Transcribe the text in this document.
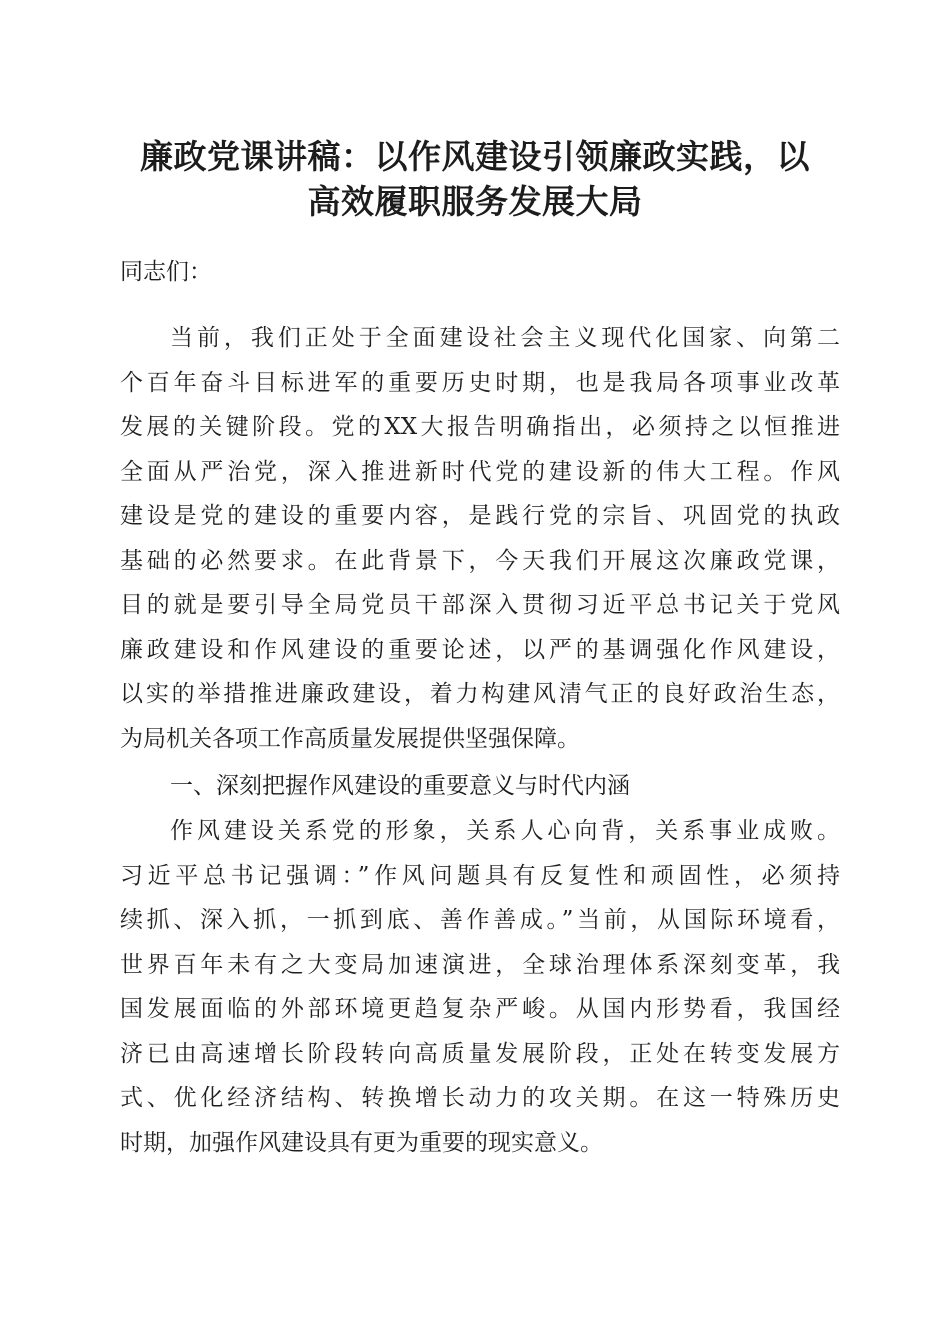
廉政党课讲稿：以作风建设引领廉政实践，以
高效履职服务发展大局
同志们：
当前，我们正处于全面建设社会主义现代化国家、向第二
个百年奋斗目标进军的重要历史时期，也是我局各项事业改革
发展的关键阶段。党的XX大报告明确指出，必须持之以恒推进
全面从严治党，深入推进新时代党的建设新的伟大工程。作风
建设是党的建设的重要内容，是践行党的宗旨、巩固党的执政
基础的必然要求。在此背景下，今天我们开展这次廉政党课，
目的就是要引导全局党员干部深入贯彻习近平总书记关于党风
廉政建设和作风建设的重要论述，以严的基调强化作风建设，
以实的举措推进廉政建设，着力构建风清气正的良好政治生态，
为局机关各项工作高质量发展提供坚强保障。
一、深刻把握作风建设的重要意义与时代内涵
作风建设关系党的形象，关系人心向背，关系事业成败。
习近平总书记强调：”作风问题具有反复性和顽固性，必须持
续抓、深入抓，一抓到底、善作善成。”当前，从国际环境看，
世界百年未有之大变局加速演进，全球治理体系深刻变革，我
国发展面临的外部环境更趋复杂严峻。从国内形势看，我国经
济已由高速增长阶段转向高质量发展阶段，正处在转变发展方
式、优化经济结构、转换增长动力的攻关期。在这一特殊历史
时期，加强作风建设具有更为重要的现实意义。
